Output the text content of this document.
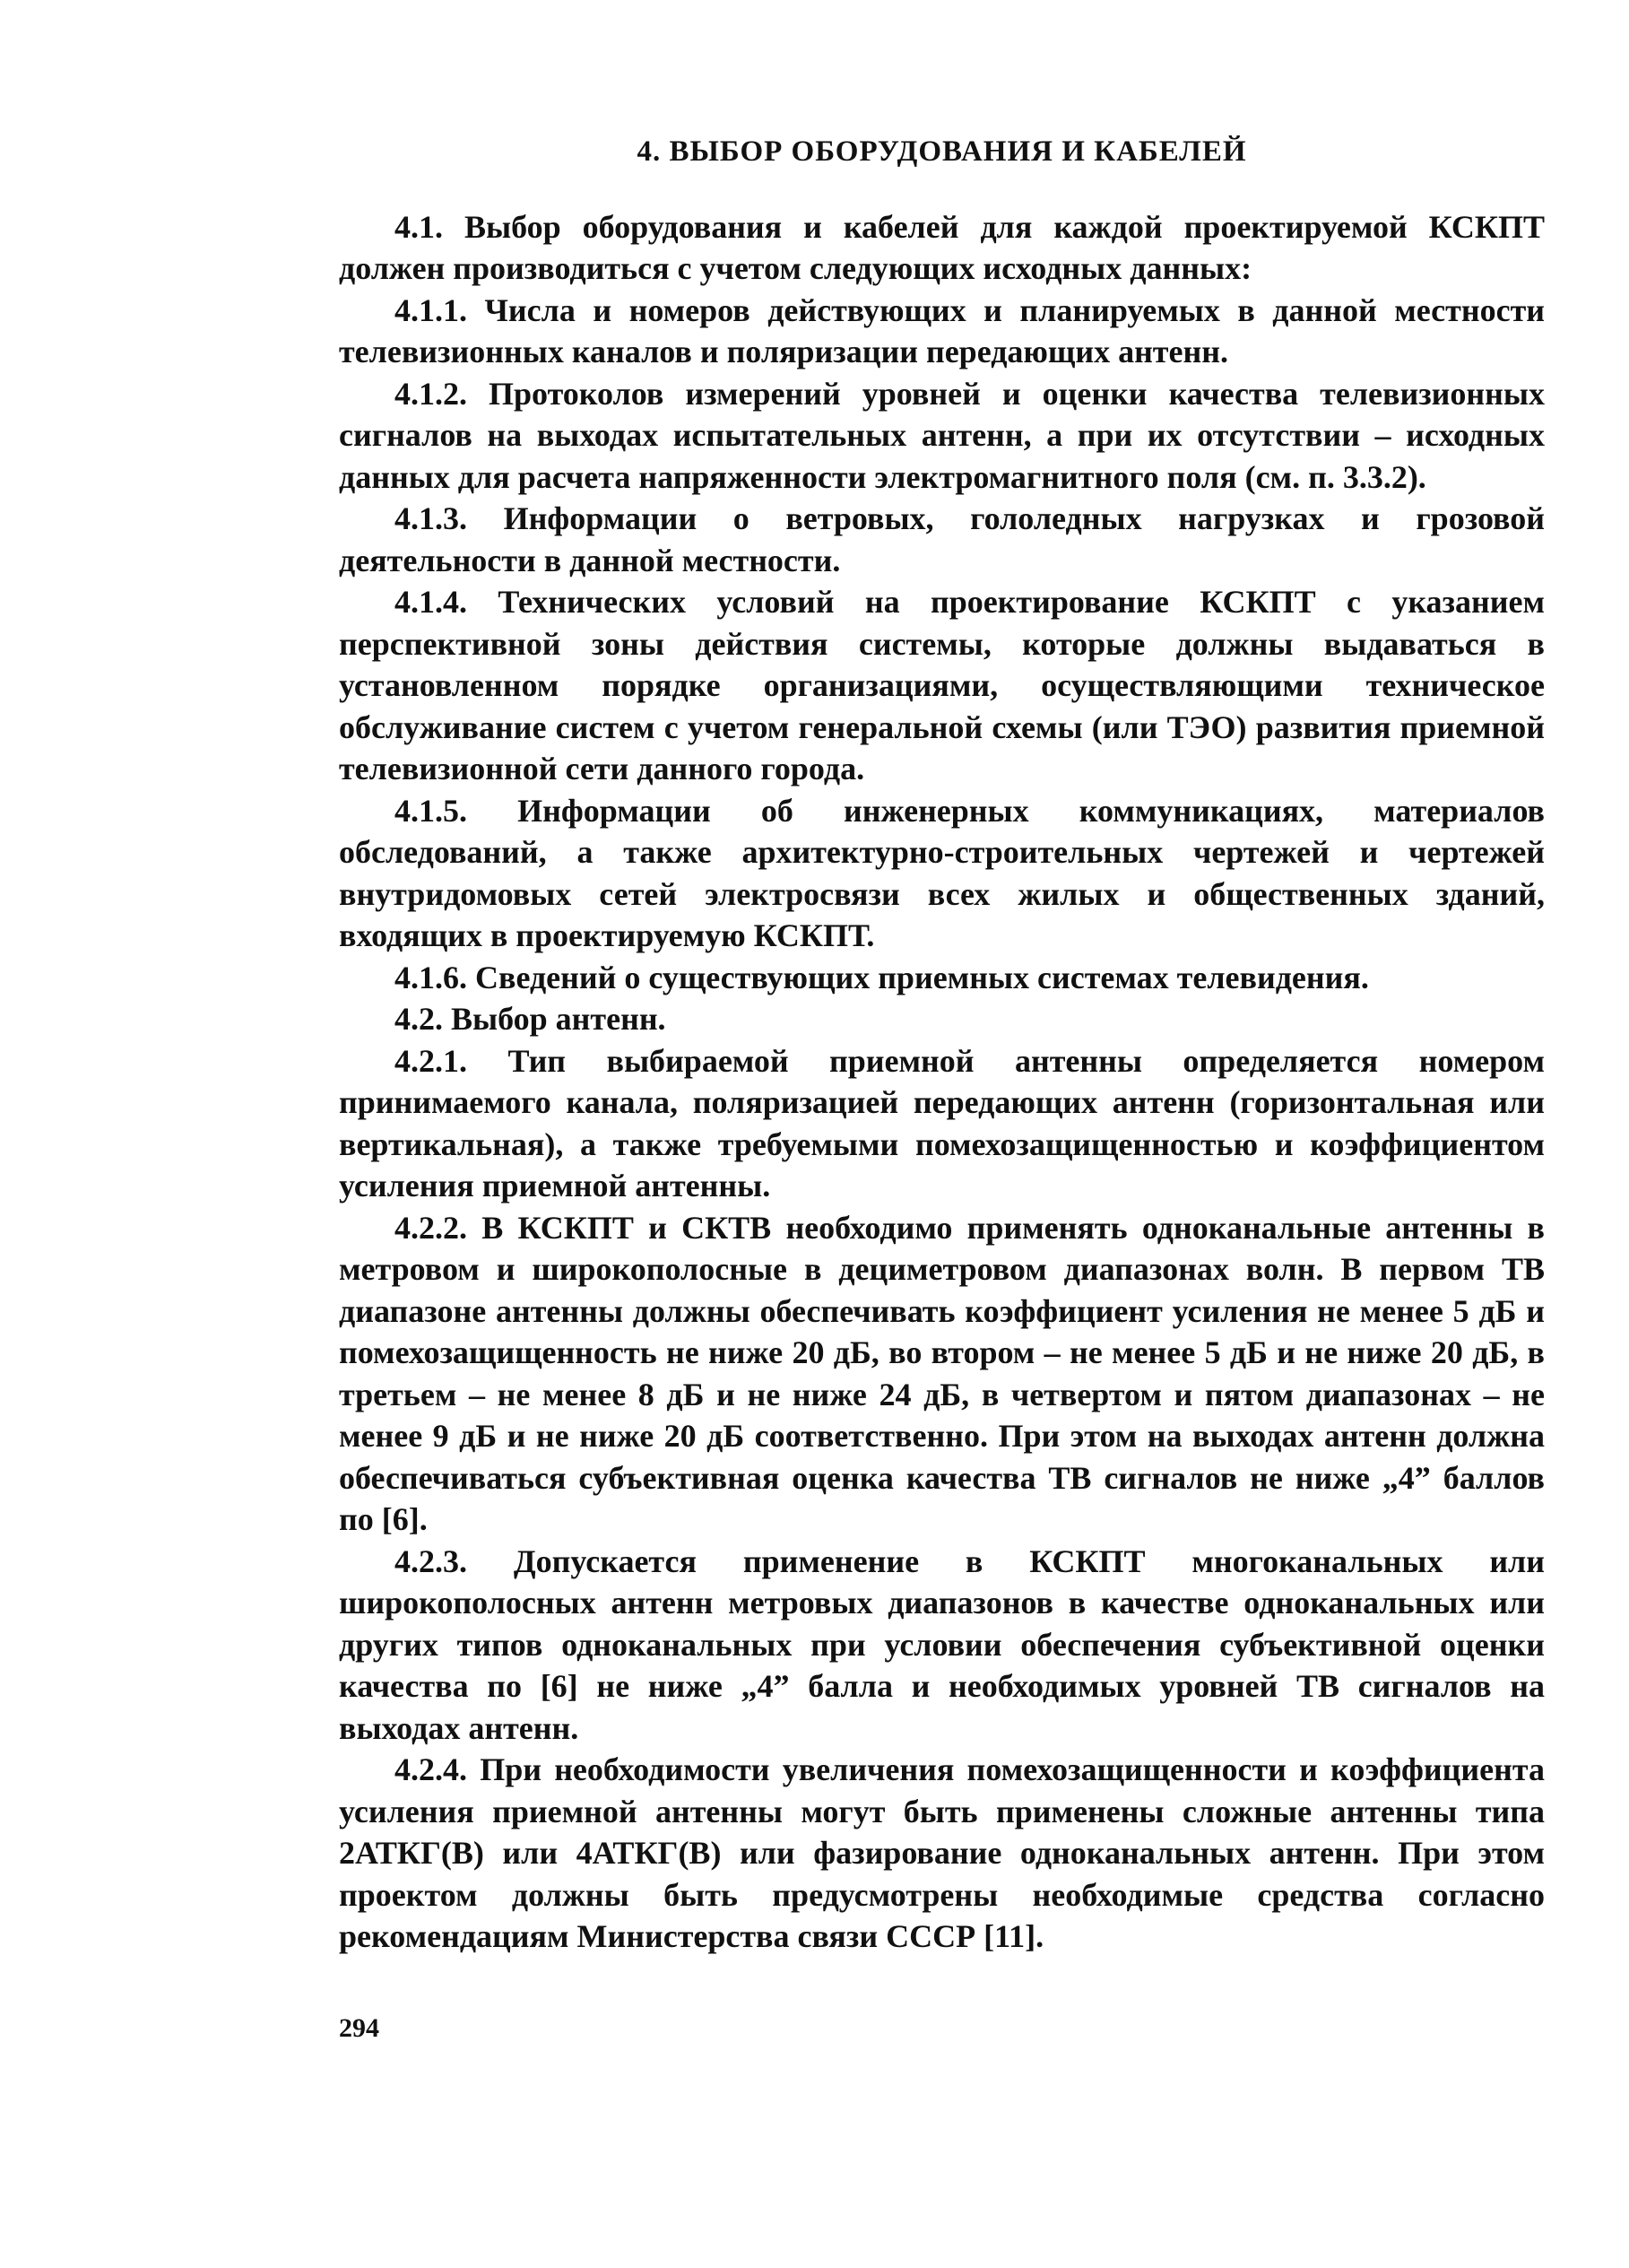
4. ВЫБОР ОБОРУДОВАНИЯ И КАБЕЛЕЙ

4.1. Выбор оборудования и кабелей для каждой проектируемой КСКПТ должен производиться с учетом следующих исходных данных:

4.1.1. Числа и номеров действующих и планируемых в данной местности телевизионных каналов и поляризации передающих антенн.

4.1.2. Протоколов измерений уровней и оценки качества телевизионных сигналов на выходах испытательных антенн, а при их отсутствии – исходных данных для расчета напряженности электромагнитного поля (см. п. 3.3.2).

4.1.3. Информации о ветровых, гололедных нагрузках и грозовой деятельности в данной местности.

4.1.4. Технических условий на проектирование КСКПТ с указанием перспективной зоны действия системы, которые должны выдаваться в установленном порядке организациями, осуществляющими техническое обслуживание систем с учетом генеральной схемы (или ТЭО) развития приемной телевизионной сети данного города.

4.1.5. Информации об инженерных коммуникациях, материалов обследований, а также архитектурно-строительных чертежей и чертежей внутридомовых сетей электросвязи всех жилых и общественных зданий, входящих в проектируемую КСКПТ.

4.1.6. Сведений о существующих приемных системах телевидения.

4.2. Выбор антенн.

4.2.1. Тип выбираемой приемной антенны определяется номером принимаемого канала, поляризацией передающих антенн (горизонтальная или вертикальная), а также требуемыми помехозащищенностью и коэффициентом усиления приемной антенны.

4.2.2. В КСКПТ и СКТВ необходимо применять одноканальные антенны в метровом и широкополосные в дециметровом диапазонах волн. В первом ТВ диапазоне антенны должны обеспечивать коэффициент усиления не менее 5 дБ и помехозащищенность не ниже 20 дБ, во втором – не менее 5 дБ и не ниже 20 дБ, в третьем – не менее 8 дБ и не ниже 24 дБ, в четвертом и пятом диапазонах – не менее 9 дБ и не ниже 20 дБ соответственно. При этом на выходах антенн должна обеспечиваться субъективная оценка качества ТВ сигналов не ниже „4” баллов по [6].

4.2.3. Допускается применение в КСКПТ многоканальных или широкополосных антенн метровых диапазонов в качестве одноканальных или других типов одноканальных при условии обеспечения субъективной оценки качества по [6] не ниже „4” балла и необходимых уровней ТВ сигналов на выходах антенн.

4.2.4. При необходимости увеличения помехозащищенности и коэффициента усиления приемной антенны могут быть применены сложные антенны типа 2АТКГ(В) или 4АТКГ(В) или фазирование одноканальных антенн. При этом проектом должны быть предусмотрены необходимые средства согласно рекомендациям Министерства связи СССР [11].

294
